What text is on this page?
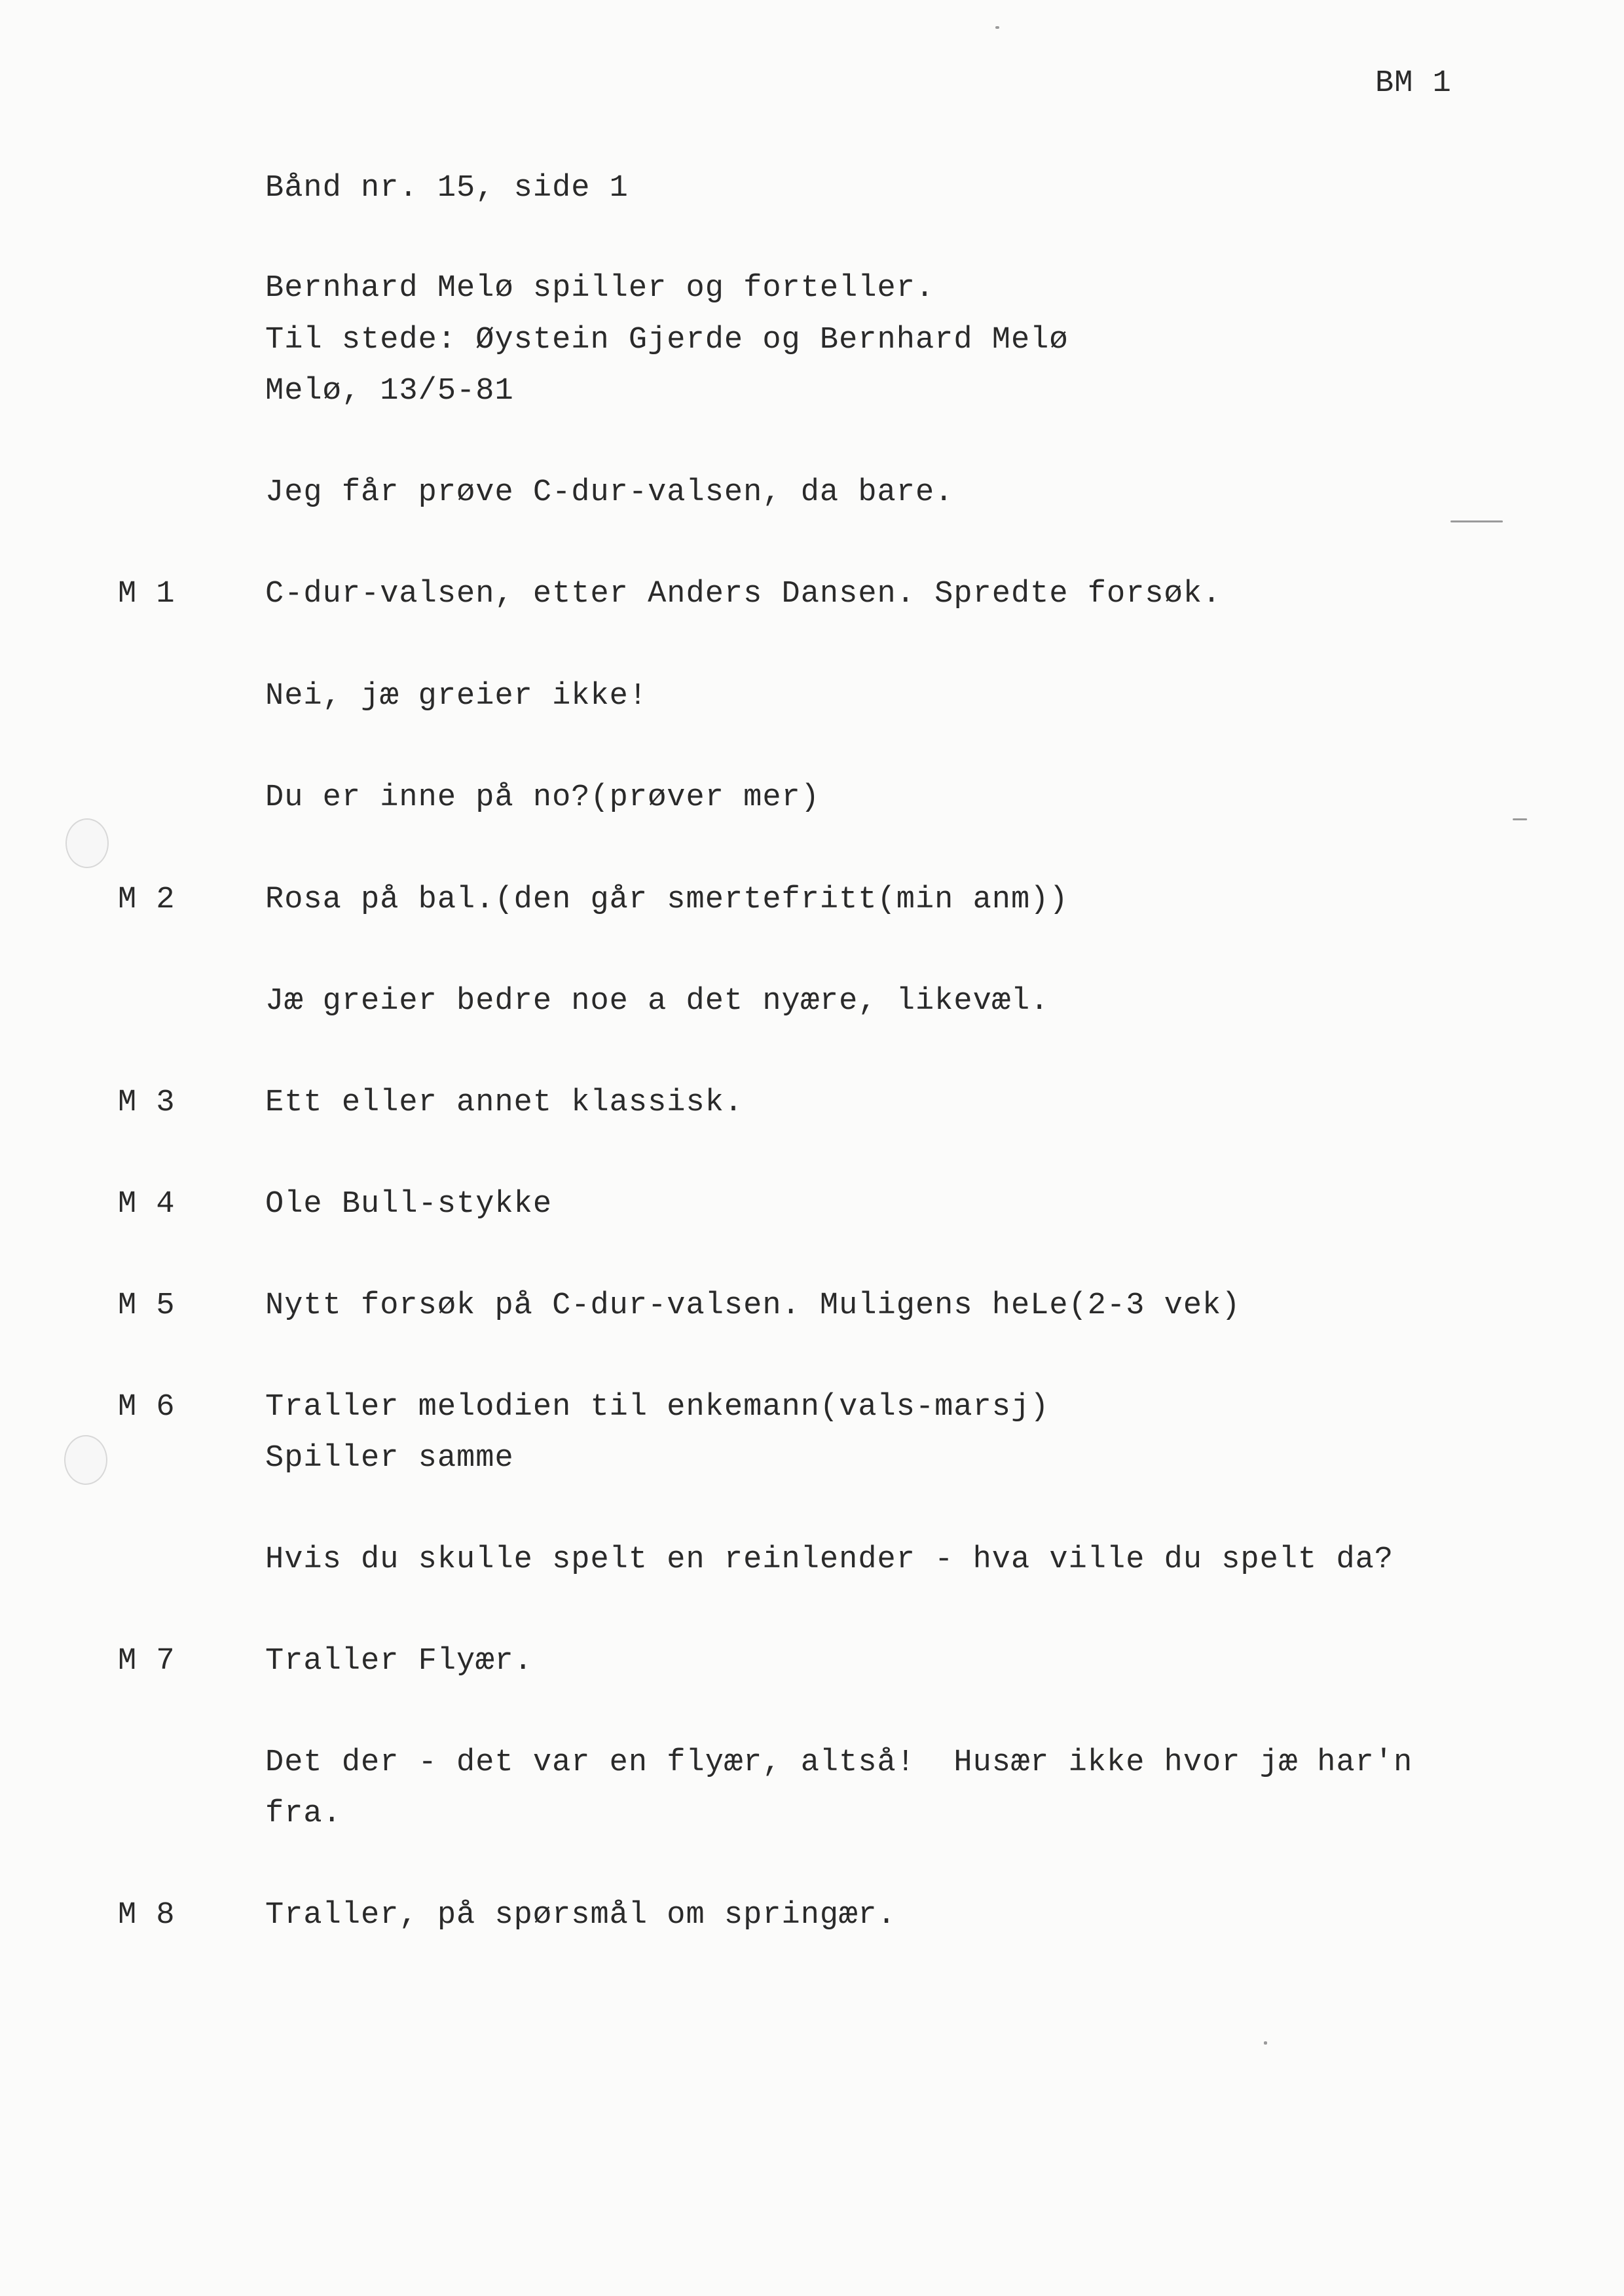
BM 1
Bånd nr. 15, side 1
Bernhard Melø spiller og forteller.
Til stede: Øystein Gjerde og Bernhard Melø
Melø, 13/5-81
Jeg får prøve C-dur-valsen, da bare.
M 1	C-dur-valsen, etter Anders Dansen. Spredte forsøk.
Nei, jæ greier ikke!
Du er inne på no?(prøver mer)
M 2	Rosa på bal.(den går smertefritt(min anm))
Jæ greier bedre noe a det nyære, likevæl.
M 3	Ett eller annet klassisk.
M 4	Ole Bull-stykke
M 5	Nytt forsøk på C-dur-valsen. Muligens heLe(2-3 vek)
M 6	Traller melodien til enkemann(vals-marsj)
Spiller samme
Hvis du skulle spelt en reinlender - hva ville du spelt da?
M 7	Traller Flyær.
Det der - det var en flyær, altså!  Husær ikke hvor jæ har'n
fra.
M 8	Traller, på spørsmål om springær.
